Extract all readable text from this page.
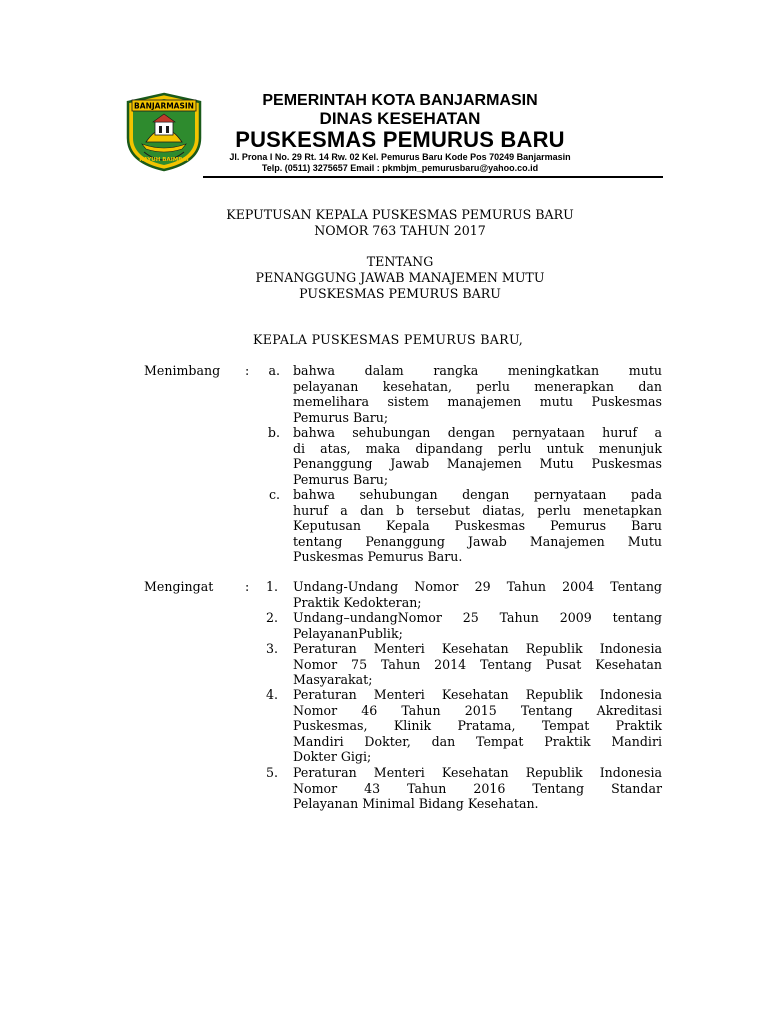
BANJARMASIN
KAYUH BAIMBAI
PEMERINTAH KOTA BANJARMASIN
DINAS KESEHATAN
PUSKESMAS PEMURUS BARU
Jl. Prona I No. 29 Rt. 14 Rw. 02 Kel. Pemurus Baru Kode Pos 70249 Banjarmasin
Telp. (0511) 3275657 Email : pkmbjm_pemurusbaru@yahoo.co.id
KEPUTUSAN KEPALA PUSKESMAS PEMURUS BARU
NOMOR 763 TAHUN 2017
TENTANG
PENANGGUNG JAWAB MANAJEMEN MUTU
PUSKESMAS PEMURUS BARU
KEPALA PUSKESMAS PEMURUS BARU,
Menimbang :	a. bahwa dalam rangka meningkatkan mutu
pelayanan kesehatan, perlu menerapkan dan
memelihara sistem manajemen mutu Puskesmas
Pemurus Baru;
b. bahwa sehubungan dengan pernyataan huruf a
di atas, maka dipandang perlu untuk menunjuk
Penanggung Jawab Manajemen Mutu Puskesmas
Pemurus Baru;
c. bahwa sehubungan dengan pernyataan pada
huruf a dan b tersebut diatas, perlu menetapkan
Keputusan Kepala Puskesmas Pemurus Baru
tentang Penanggung Jawab Manajemen Mutu
Puskesmas Pemurus Baru.
Mengingat	:	1. Undang-Undang Nomor 29 Tahun 2004 Tentang
Praktik Kedokteran;
2. Undang–undangNomor 25 Tahun 2009 tentang
PelayananPublik;
3. Peraturan Menteri Kesehatan Republik Indonesia
Nomor 75 Tahun 2014 Tentang Pusat Kesehatan
Masyarakat;
4. Peraturan Menteri Kesehatan Republik Indonesia
Nomor 46 Tahun 2015 Tentang Akreditasi
Puskesmas, Klinik Pratama, Tempat Praktik
Mandiri Dokter, dan Tempat Praktik Mandiri
Dokter Gigi;
5. Peraturan Menteri Kesehatan Republik Indonesia
Nomor 43 Tahun 2016 Tentang Standar
Pelayanan Minimal Bidang Kesehatan.
